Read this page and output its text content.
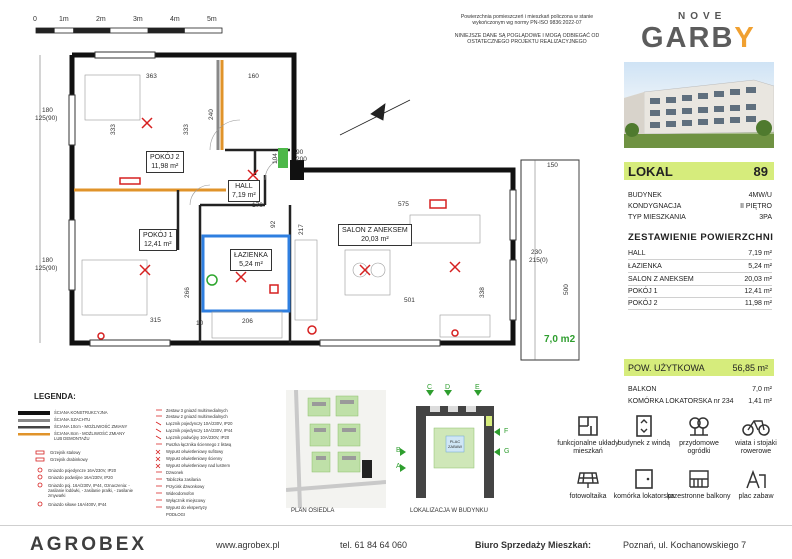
0	1m	2m	3m	4m	5m
363	160
333	333
240
180
125(90)
180
125(90)
90
200
170	575
150
230
215(0)
500
501
315	206
10
92
266	338
104
217
POKÓJ 2
11,98 m²
HALL
7,19 m²
POKÓJ 1
12,41 m²
ŁAZIENKA
5,24 m²
SALON Z ANEKSEM
20,03 m²
7,0 m2
Powierzchnia pomieszczeń i mieszkań policzona w stanie wykończonym wg normy PN-ISO 9836:2022-07
NINIEJSZE DANE SĄ POGLĄDOWE I MOGĄ ODBIEGAĆ OD OSTATECZNEGO PROJEKTU REALIZACYJNEGO
NOVE
GARBY
LOKAL	89
BUDYNEK	4MW/U
KONDYGNACJA	II PIĘTRO
TYP MIESZKANIA	3PA
ZESTAWIENIE POWIERZCHNI
HALL	7,19 m²
ŁAZIENKA	5,24 m²
SALON Z ANEKSEM	20,03 m²
POKÓJ 1	12,41 m²
POKÓJ 2	11,98 m²
POW. UŻYTKOWA	56,85 m²
BALKON	7,0 m²
KOMÓRKA LOKATORSKA nr 234 1,41 m²
funkcjonalne układy mieszkań
budynek z windą	przydomowe ogródki
wiata i stojaki rowerowe
fotowoltaika	komórka lokatorska
przestronne balkony	plac zabaw
LEGENDA:
ŚCIANA KONSTRUKCYJNA
ŚCIANA SZACHTU
ŚCIANA 10cm - MOŻLIWOŚĆ ZMIANY
ŚCIANA 8cm - MOŻLIWOŚĆ ZMIANY LUB DEMONTAŻU
Grzejnik stalowy
Grzejnik drabinkowy
Gniazdo pojedyncze 16A/230V, IP20
Gniazdo podwójne 16A/230V, IP20
Gniazdo poj. 16A/230V, IP44, Oznaczenia: - zasilanie lodówki, - zasilanie pralki, - zasilanie zmywarki
Gniazdo siłowe 16A/400V, IP44
Zestaw 3 gniazd multimedialnych
Zestaw 2 gniazd multimedialnych
Łącznik pojedynczy 10A/230V, IP20
Łącznik pojedynczy 10A/230V, IP44
Łącznik podwójny 10A/230V, IP20
Puszka łącznika ściennego z listwą
Wypust oświetleniowy sufitowy
Wypust oświetleniowy ścienny
Wypust oświetleniowy nad lustrem
Dzwonek
Tabliczka zasilania
Przycisk dzwonkowy
Wideodomofon
Wyłącznik miejscowy
Wypust do ekspertyzy
PODŁOGI
PLAN OSIEDLA
C D	E
F
G
B
A
PLAC ZABAW
LOKALIZACJA W BUDYNKU
AGROBEX	www.agrobex.pl	tel. 61 84 64 060	Biuro Sprzedaży Mieszkań:	Poznań, ul. Kochanowskiego 7
